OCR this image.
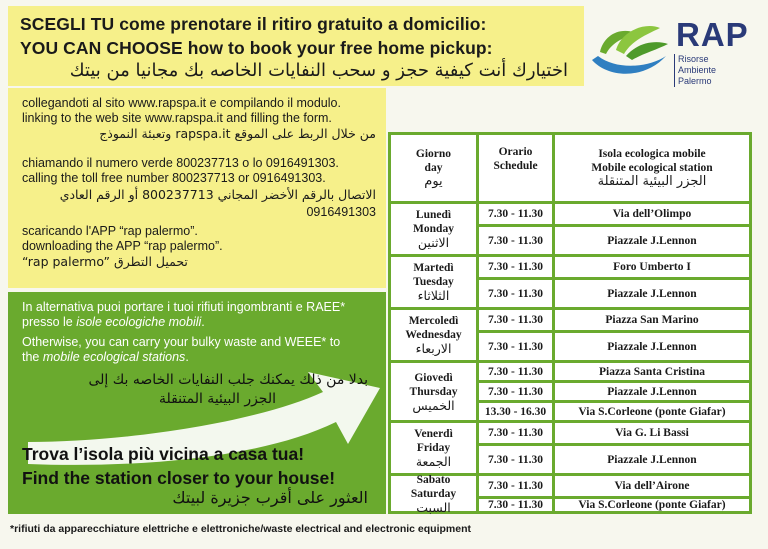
SCEGLI TU come prenotare il ritiro gratuito a domicilio:
YOU CAN CHOOSE how to book your free home pickup:
اختيارك أنت كيفية حجز و سحب النفايات الخاصه بك مجانيا من بيتك
RAP
Risorse
Ambiente
Palermo
collegandoti al sito www.rapspa.it e compilando il modulo.
linking to the web site www.rapspa.it and filling the form.
من خلال الربط على الموقع rapspa.it وتعبئة النموذج
chiamando il numero verde 800237713 o lo 0916491303.
calling the toll free number 800237713 or 0916491303.
الاتصال بالرقم الأخضر المجاني 800237713 أو الرقم العادي
0916491303
scaricando l'APP “rap palermo”.
downloading the APP “rap palermo”.
“rap palermo” تحميل التطرق
In alternativa puoi portare i tuoi rifiuti ingombranti e RAEE*
presso le isole ecologiche mobili.
Otherwise, you can carry your bulky waste and WEEE* to
the mobile ecological stations.
بدلا من ذلك يمكنك جلب النفايات الخاصه بك إلى
الجزر البيئية المتنقلة
Trova l’isola più vicina a casa tua!
Find the station closer to your house!
العثور على أقرب جزيرة لبيتك
*rifiuti da apparecchiature elettriche e elettroniche/waste electrical and electronic equipment
Giorno
day
يوم
Orario
Schedule
Isola ecologica mobile
Mobile ecological station
الجزر البيئية المتنقلة
Lunedì
Monday
الاثنين
7.30 - 11.30	Via dell’Olimpo
7.30 - 11.30	Piazzale J.Lennon
Martedì
Tuesday
الثلاثاء
7.30 - 11.30	Foro Umberto I
7.30 - 11.30	Piazzale J.Lennon
Mercoledì
Wednesday
الاربعاء
7.30 - 11.30	Piazza San Marino
7.30 - 11.30	Piazzale J.Lennon
Giovedì
Thursday
الخميس
7.30 - 11.30	Piazza Santa Cristina
7.30 - 11.30	Piazzale J.Lennon
13.30 - 16.30	Via S.Corleone (ponte Giafar)
Venerdì
Friday
الجمعة
7.30 - 11.30	Via G. Li Bassi
7.30 - 11.30	Piazzale J.Lennon
Sabato
Saturday
السبت
7.30 - 11.30	Via dell’Airone
7.30 - 11.30	Via S.Corleone (ponte Giafar)
